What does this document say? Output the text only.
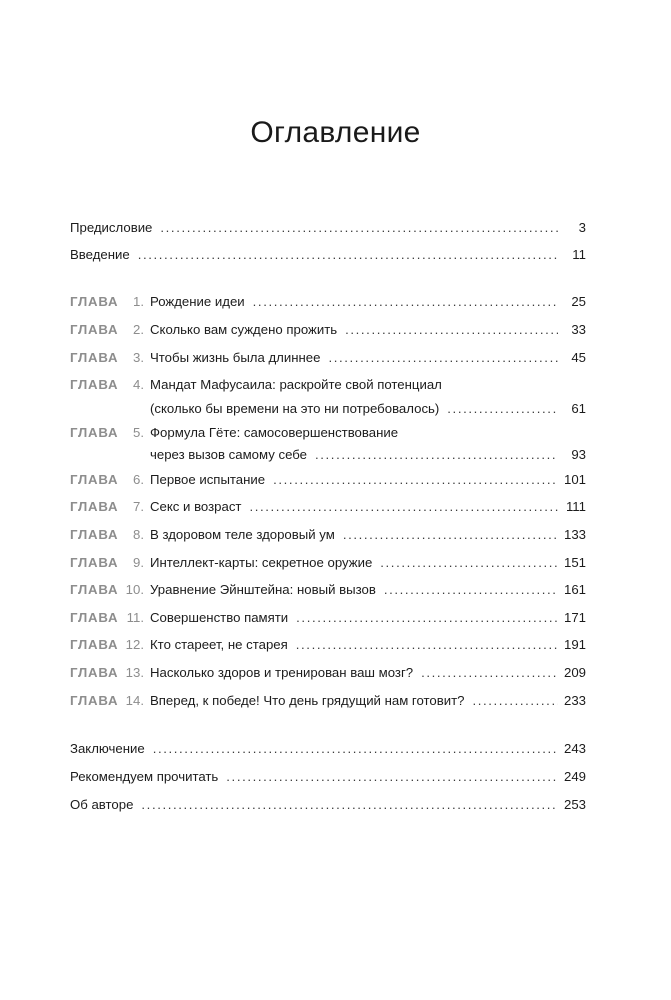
Оглавление
Предисловие .....	3
Введение .....	11
ГЛАВА	1. Рождение идеи .....	25
ГЛАВА	2. Сколько вам суждено прожить .....	33
ГЛАВА	3. Чтобы жизнь была длиннее .....	45
ГЛАВА	4. Мандат Мафусаила: раскройте свой потенциал
(сколько бы времени на это ни потребовалось) .....	61
ГЛАВА	5. Формула Гёте: самосовершенствование
через вызов самому себе .....	93
ГЛАВА	6. Первое испытание .....	101
ГЛАВА	7. Секс и возраст .....	111
ГЛАВА	8. В здоровом теле здоровый ум .....	133
ГЛАВА	9. Интеллект-карты: секретное оружие .....	151
ГЛАВА 10. Уравнение Эйнштейна: новый вызов .....	161
ГЛАВА 11. Совершенство памяти .....	171
ГЛАВА 12. Кто стареет, не старея .....	191
ГЛАВА 13. Насколько здоров и тренирован ваш мозг? .....	209
ГЛАВА 14. Вперед, к победе! Что день грядущий нам готовит? .....	233
Заключение .....	243
Рекомендуем прочитать .....	249
Об авторе .....	253
